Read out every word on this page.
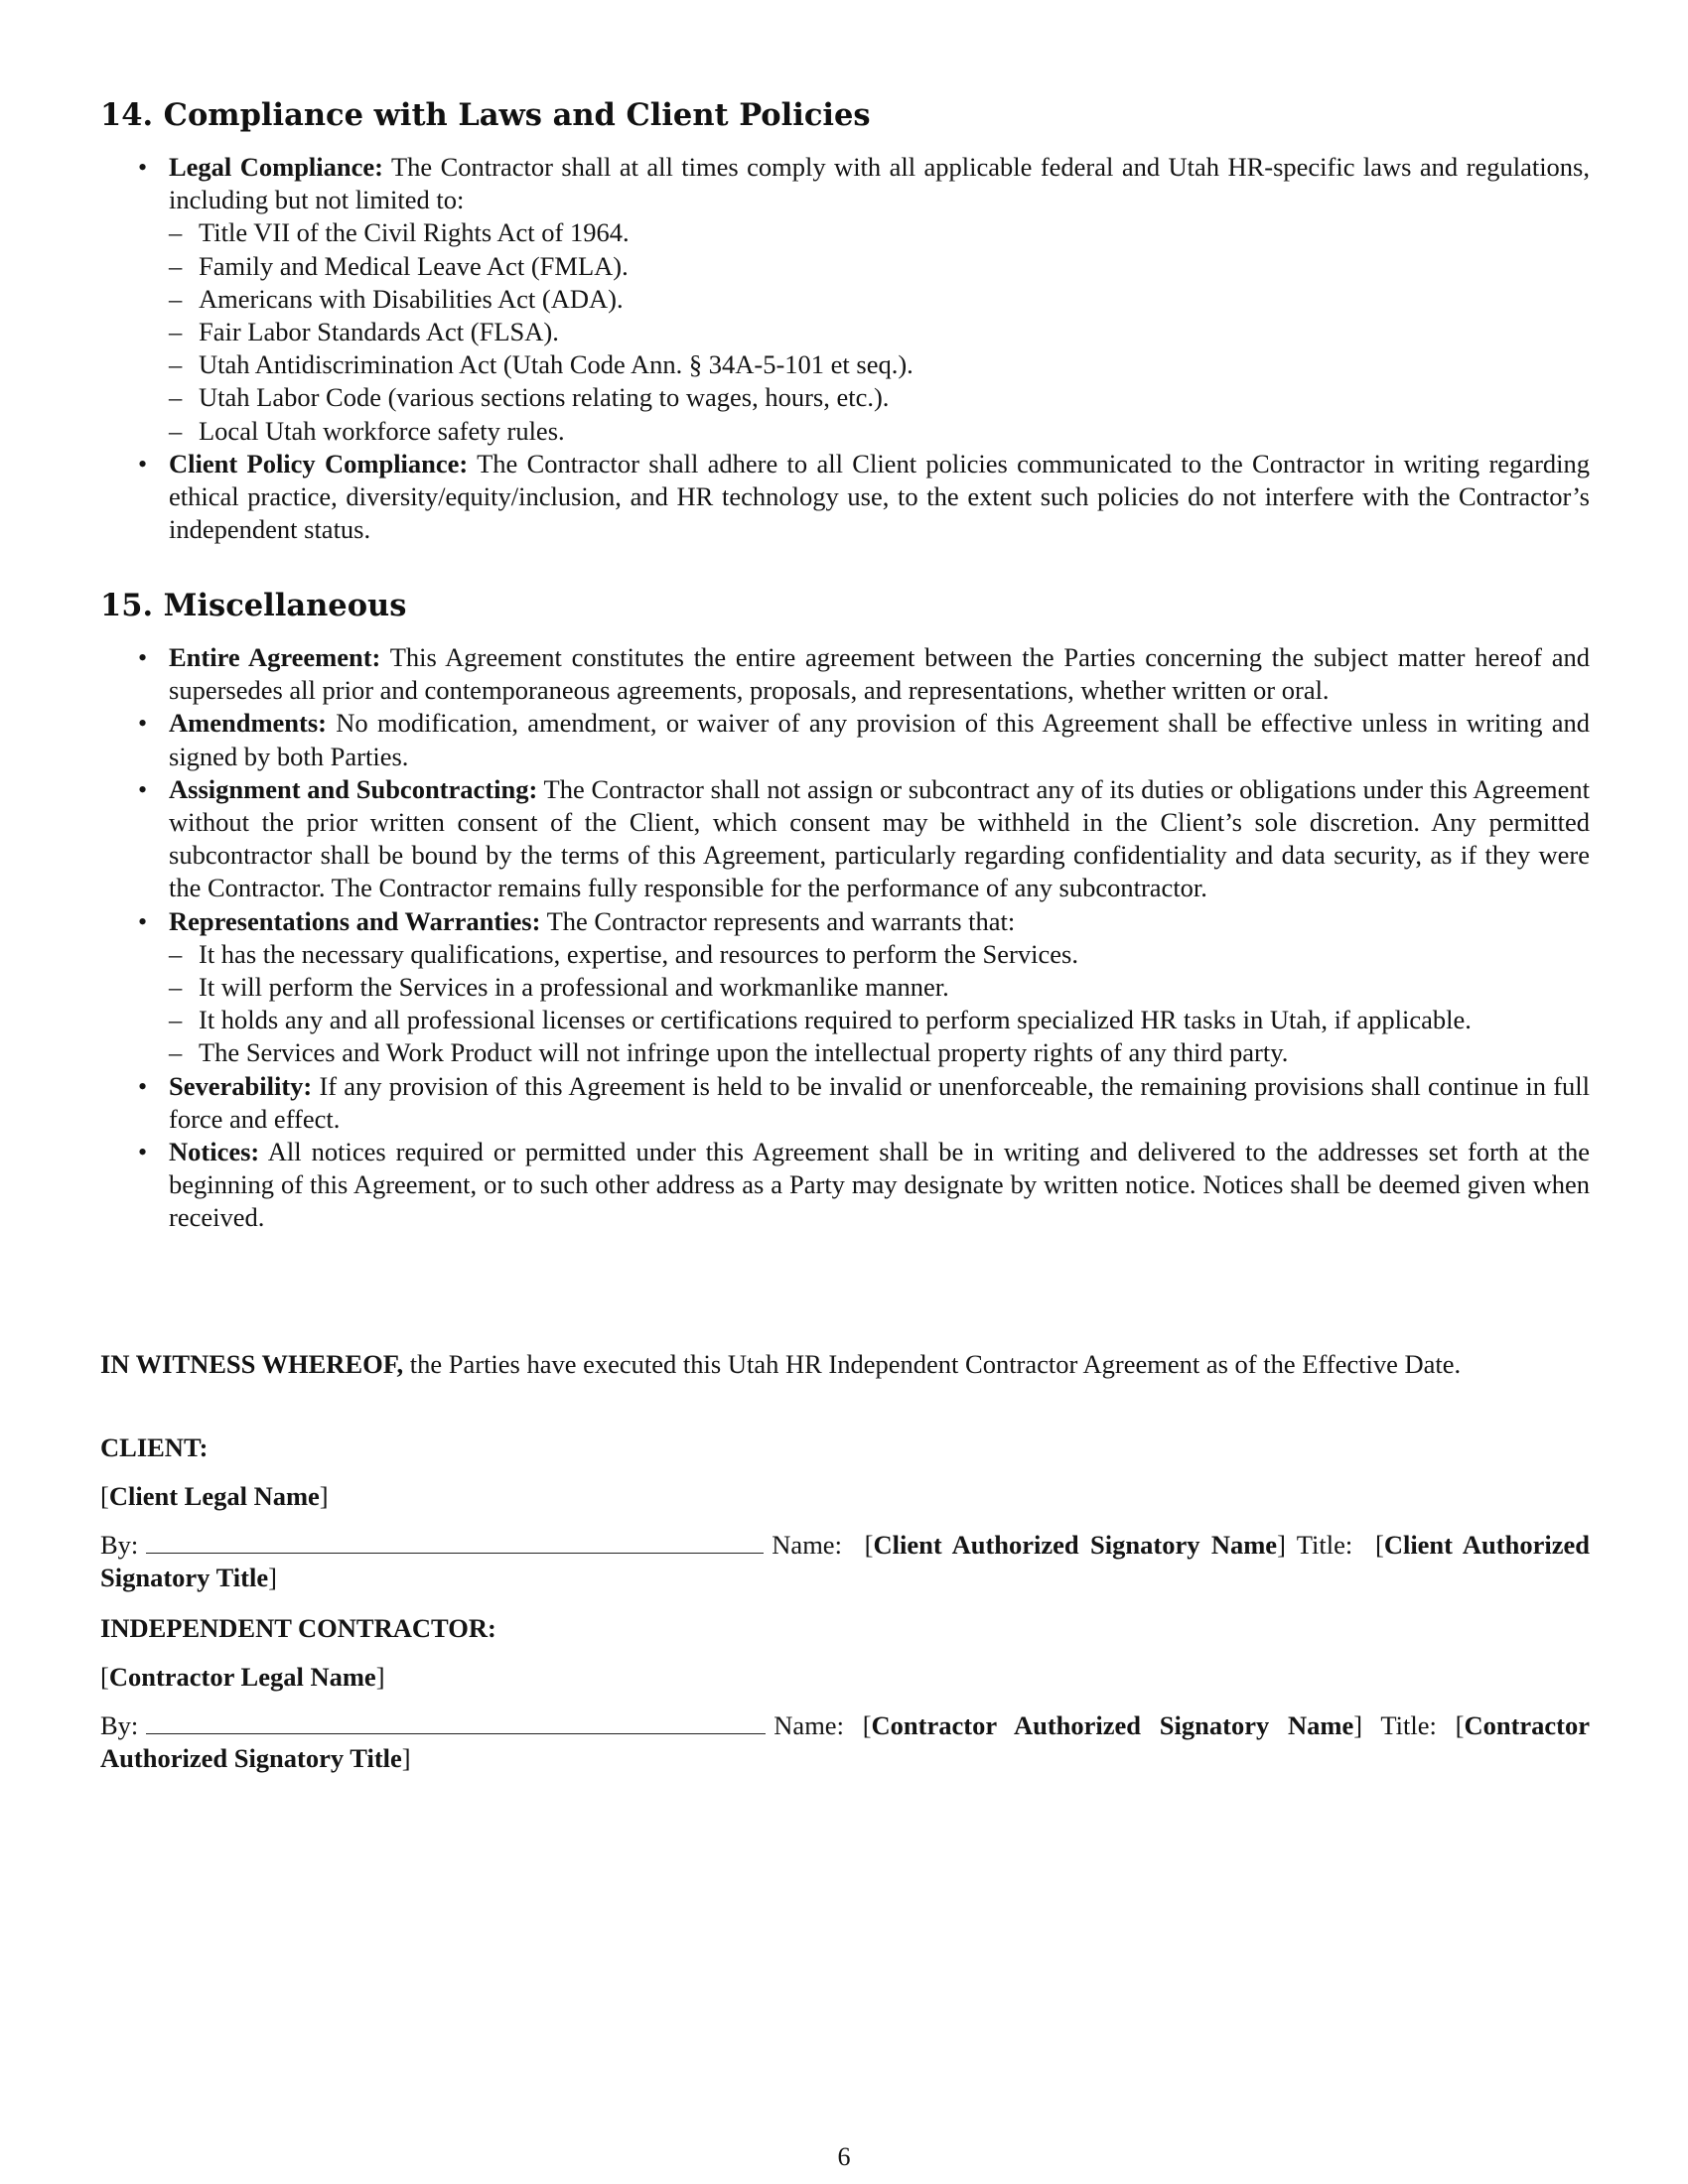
14. Compliance with Laws and Client Policies
• Legal Compliance: The Contractor shall at all times comply with all applicable federal and Utah HR-specific laws and regulations, including but not limited to:
– Title VII of the Civil Rights Act of 1964.
– Family and Medical Leave Act (FMLA).
– Americans with Disabilities Act (ADA).
– Fair Labor Standards Act (FLSA).
– Utah Antidiscrimination Act (Utah Code Ann. § 34A-5-101 et seq.).
– Utah Labor Code (various sections relating to wages, hours, etc.).
– Local Utah workforce safety rules.
• Client Policy Compliance: The Contractor shall adhere to all Client policies communicated to the Contractor in writing regarding ethical practice, diversity/equity/inclusion, and HR technology use, to the extent such policies do not interfere with the Contractor’s independent status.
15. Miscellaneous
• Entire Agreement: This Agreement constitutes the entire agreement between the Parties concerning the subject matter hereof and supersedes all prior and contemporaneous agreements, proposals, and representations, whether written or oral.
• Amendments: No modification, amendment, or waiver of any provision of this Agreement shall be effective unless in writing and signed by both Parties.
• Assignment and Subcontracting: The Contractor shall not assign or subcontract any of its duties or obligations under this Agreement without the prior written consent of the Client, which consent may be withheld in the Client’s sole discretion. Any permitted subcontractor shall be bound by the terms of this Agreement, particularly regarding confidentiality and data security, as if they were the Contractor. The Contractor remains fully responsible for the performance of any subcontractor.
• Representations and Warranties: The Contractor represents and warrants that:
– It has the necessary qualifications, expertise, and resources to perform the Services.
– It will perform the Services in a professional and workmanlike manner.
– It holds any and all professional licenses or certifications required to perform specialized HR tasks in Utah, if applicable.
– The Services and Work Product will not infringe upon the intellectual property rights of any third party.
• Severability: If any provision of this Agreement is held to be invalid or unenforceable, the remaining provisions shall continue in full force and effect.
• Notices: All notices required or permitted under this Agreement shall be in writing and delivered to the addresses set forth at the beginning of this Agreement, or to such other address as a Party may designate by written notice. Notices shall be deemed given when received.
IN WITNESS WHEREOF, the Parties have executed this Utah HR Independent Contractor Agreement as of the Effective Date.
CLIENT:
[Client Legal Name]
By:	Name:  [Client Authorized Signatory Name] Title:  [Client Authorized Signatory Title]
INDEPENDENT CONTRACTOR:
[Contractor Legal Name]
By:	Name: [Contractor Authorized Signatory Name] Title: [Contractor Authorized Signatory Title]
6
